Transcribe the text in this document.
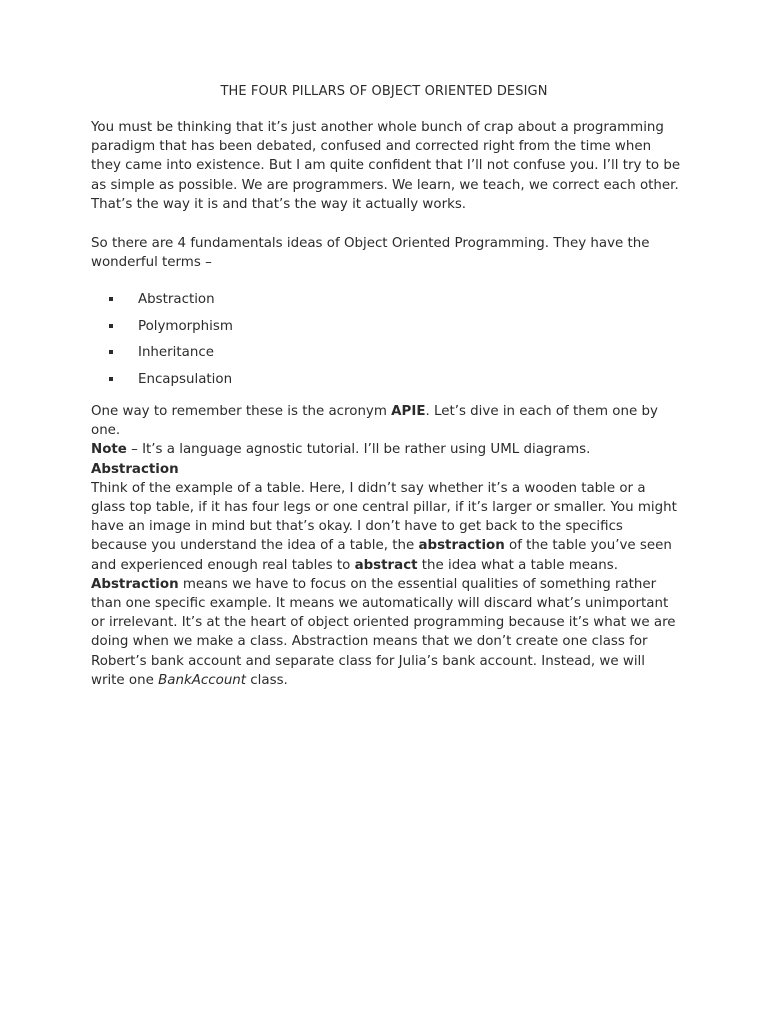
THE FOUR PILLARS OF OBJECT ORIENTED DESIGN
You must be thinking that it’s just another whole bunch of crap about a programming paradigm that has been debated, confused and corrected right from the time when they came into existence. But I am quite confident that I’ll not confuse you. I’ll try to be as simple as possible. We are programmers. We learn, we teach, we correct each other. That’s the way it is and that’s the way it actually works.
So there are 4 fundamentals ideas of Object Oriented Programming. They have the wonderful terms –
Abstraction
Polymorphism
Inheritance
Encapsulation
One way to remember these is the acronym APIE. Let’s dive in each of them one by one.
Note – It’s a language agnostic tutorial. I’ll be rather using UML diagrams.
Abstraction
Think of the example of a table. Here, I didn’t say whether it’s a wooden table or a glass top table, if it has four legs or one central pillar, if it’s larger or smaller. You might have an image in mind but that’s okay. I don’t have to get back to the specifics because you understand the idea of a table, the abstraction of the table you’ve seen and experienced enough real tables to abstract the idea what a table means. Abstraction means we have to focus on the essential qualities of something rather than one specific example. It means we automatically will discard what’s unimportant or irrelevant. It’s at the heart of object oriented programming because it’s what we are doing when we make a class. Abstraction means that we don’t create one class for Robert’s bank account and separate class for Julia’s bank account. Instead, we will write one BankAccount class.
